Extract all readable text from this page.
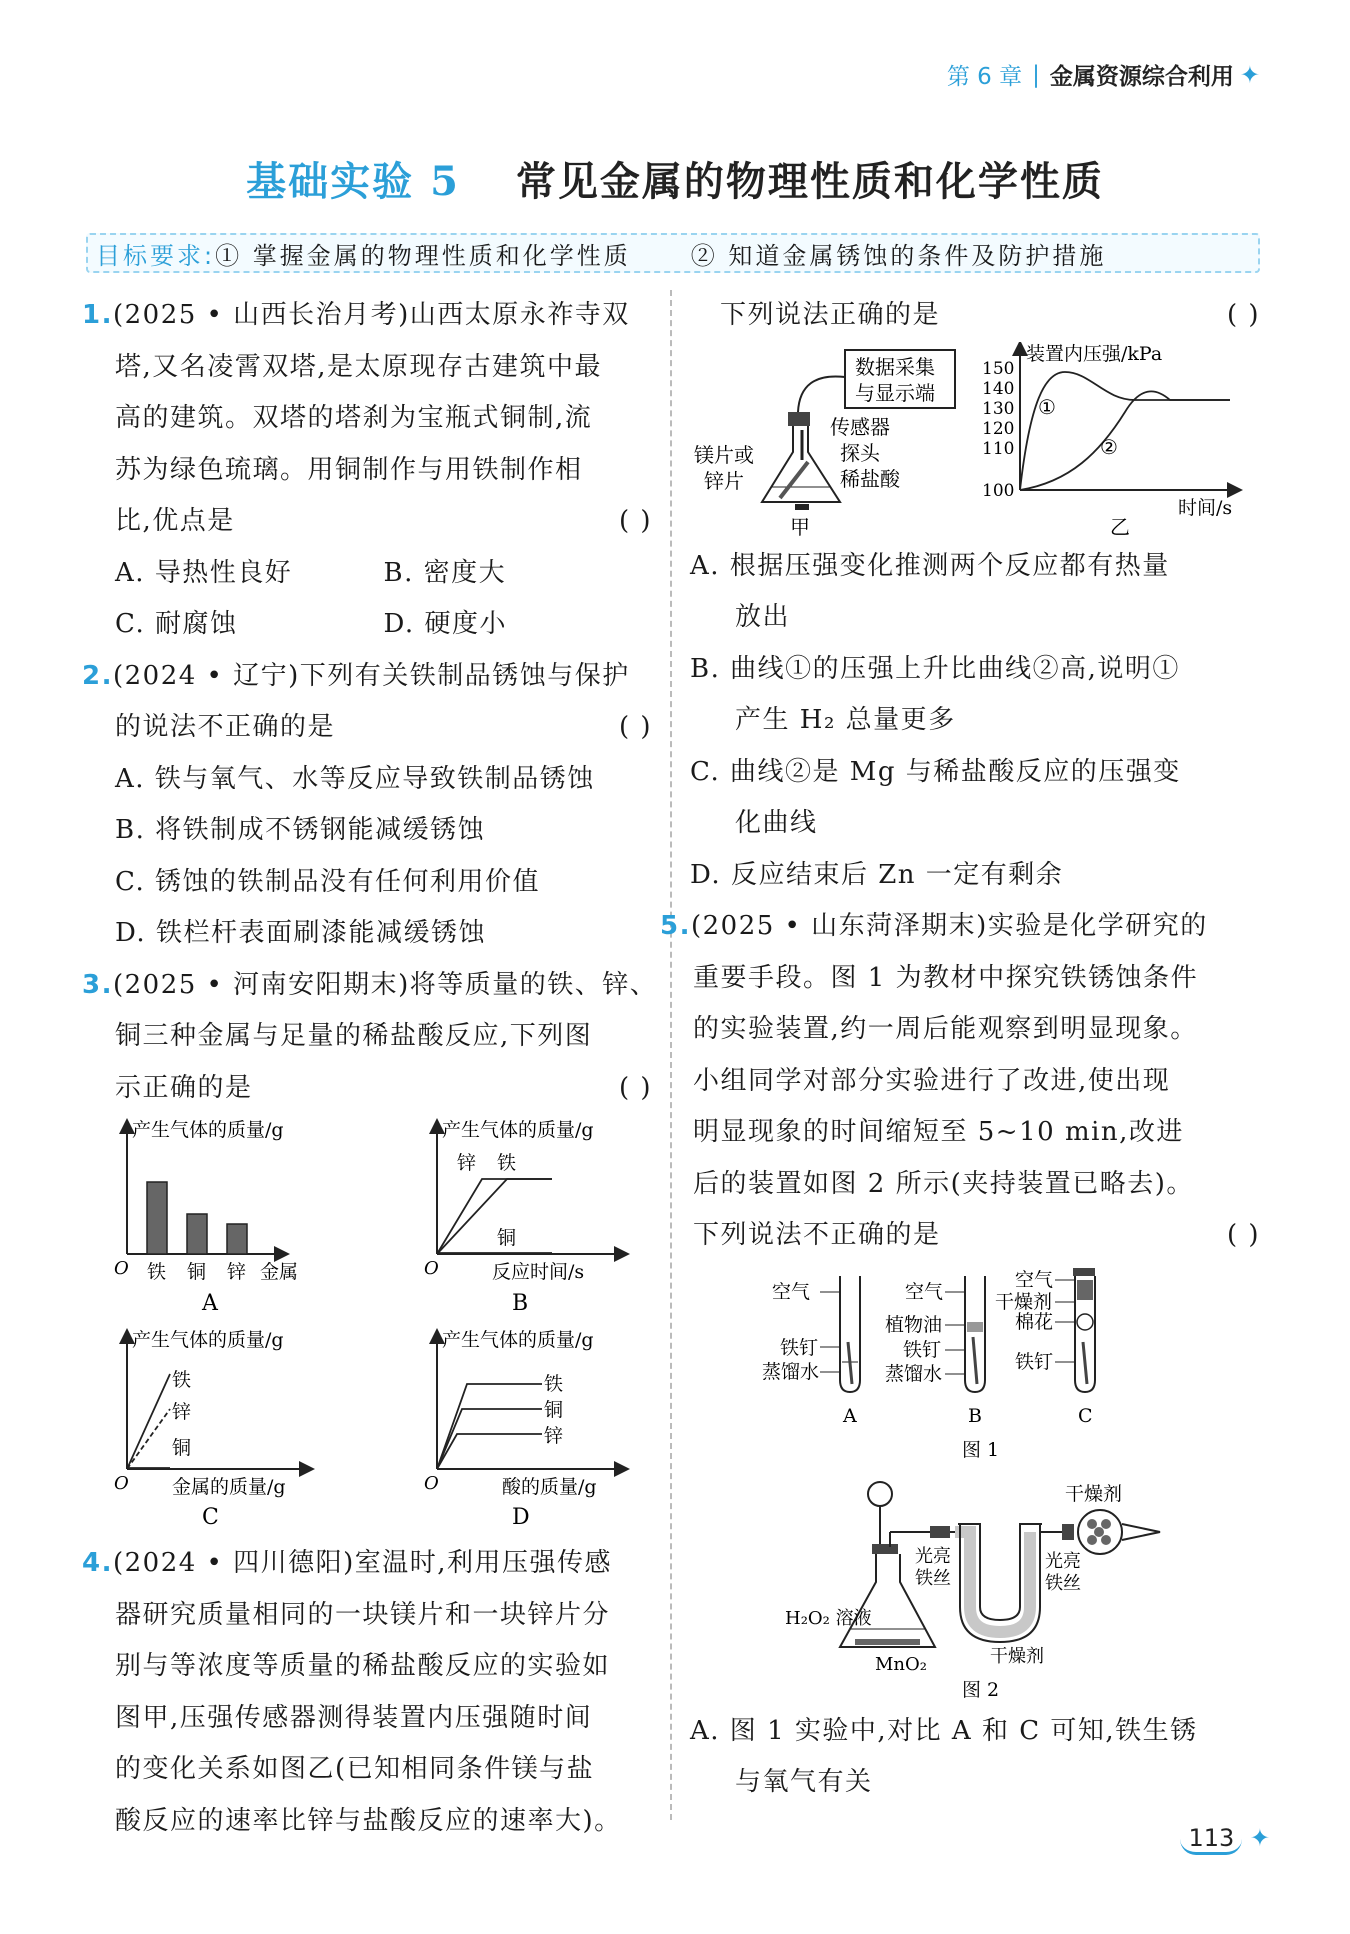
第 6 章 | 金属资源综合利用 ✦
基础实验 5 常见金属的物理性质和化学性质
目标要求: ① 掌握金属的物理性质和化学性质	② 知道金属锈蚀的条件及防护措施
1.(2025 • 山西长治月考)山西太原永祚寺双
塔,又名凌霄双塔,是太原现存古建筑中最
高的建筑。双塔的塔刹为宝瓶式铜制,流
苏为绿色琉璃。用铜制作与用铁制作相
比,优点是	( )
A. 导热性良好	B. 密度大
C. 耐腐蚀	D. 硬度小
2.(2024 • 辽宁)下列有关铁制品锈蚀与保护
的说法不正确的是	( )
A. 铁与氧气、水等反应导致铁制品锈蚀
B. 将铁制成不锈钢能减缓锈蚀
C. 锈蚀的铁制品没有任何利用价值
D. 铁栏杆表面刷漆能减缓锈蚀
3.(2025 • 河南安阳期末)将等质量的铁、锌、
铜三种金属与足量的稀盐酸反应,下列图
示正确的是	( )
产生气体的质量/g
O 铁 铜 锌 金属
A
产生气体的质量/g
O
锌 铁
铜
反应时间/s
B
产生气体的质量/g
O
铁
锌
铜
金属的质量/g
C
产生气体的质量/g
O
铁
铜
锌
酸的质量/g
D
4.(2024 • 四川德阳)室温时,利用压强传感
器研究质量相同的一块镁片和一块锌片分
别与等浓度等质量的稀盐酸反应的实验如
图甲,压强传感器测得装置内压强随时间
的变化关系如图乙(已知相同条件镁与盐
酸反应的速率比锌与盐酸反应的速率大)。
下列说法正确的是	( )
数据采集
与显示端
传感器
探头
稀盐酸
镁片或
锌片
甲
装置内压强/kPa
150
140
130
120
110
100
①
②
时间/s
乙
A. 根据压强变化推测两个反应都有热量
放出
B. 曲线①的压强上升比曲线②高,说明①
产生 H₂ 总量更多
C. 曲线②是 Mg 与稀盐酸反应的压强变
化曲线
D. 反应结束后 Zn 一定有剩余
5.(2025 • 山东菏泽期末)实验是化学研究的
重要手段。图 1 为教材中探究铁锈蚀条件
的实验装置,约一周后能观察到明显现象。
小组同学对部分实验进行了改进,使出现
明显现象的时间缩短至 5~10 min,改进
后的装置如图 2 所示(夹持装置已略去)。
下列说法不正确的是	( )
空气
铁钉
蒸馏水
A
空气
植物油
铁钉
蒸馏水
B
空气
干燥剂
棉花
铁钉
C
图 1
干燥剂
光亮
铁丝
光亮
铁丝
H₂O₂ 溶液
MnO₂	干燥剂
图 2
A. 图 1 实验中,对比 A 和 C 可知,铁生锈
与氧气有关
113 ✦
